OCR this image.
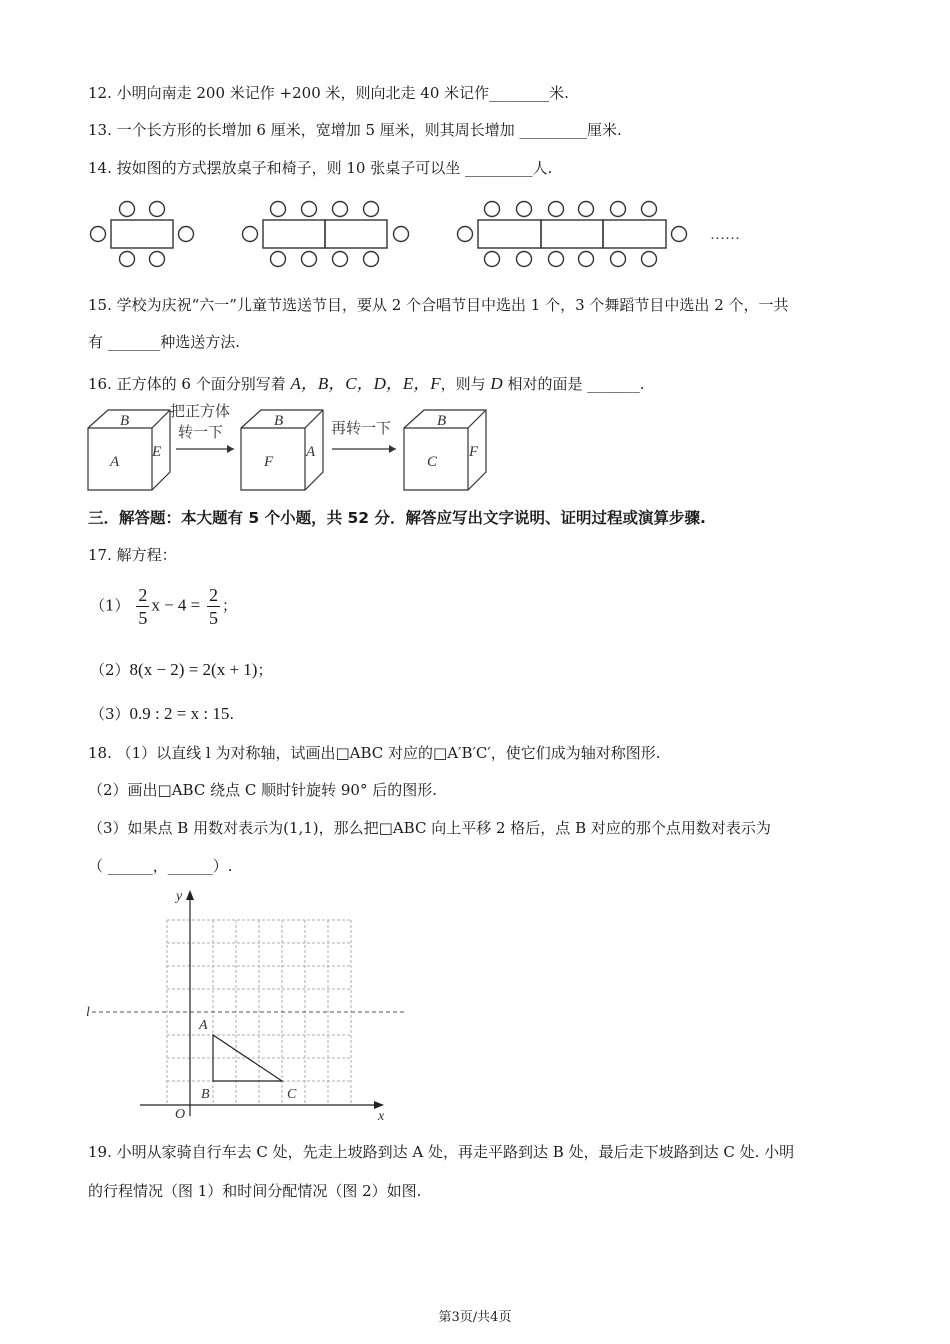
12. 小明向南走 200 米记作 +200 米，则向北走 40 米记作________米.
13. 一个长方形的长增加 6 厘米，宽增加 5 厘米，则其周长增加 _________厘米.
14. 按如图的方式摆放桌子和椅子，则 10 张桌子可以坐 _________人.
……
15. 学校为庆祝“六一”儿童节选送节目，要从 2 个合唱节目中选出 1 个，3 个舞蹈节目中选出 2 个，一共
有 _______种选送方法.
16. 正方体的 6 个面分别写着 A，B，C，D，E，F，则与 D 相对的面是 _______.
B
A
E
B
F
A
B
C
F
把正方体
转一下	再转一下
三．解答题：本大题有 5 个小题，共 52 分．解答应写出文字说明、证明过程或演算步骤.
17. 解方程：
$(1) \frac{2}{5}$ $x - 4 = \frac{2}{5}$ ；
（2）8(x − 2) = 2(x + 1)；
（3）0.9 : 2 = x : 15.
18. （1）以直线 l 为对称轴，试画出□ABC 对应的□A′B′C′，使它们成为轴对称图形.
（2）画出□ABC 绕点 C 顺时针旋转 90° 后的图形.
（3）如果点 B 用数对表示为(1,1)，那么把□ABC 向上平移 2 格后，点 B 对应的那个点用数对表示为
（ ______，______）.
y
x
O
l
A
B	C
19. 小明从家骑自行车去 C 处，先走上坡路到达 A 处，再走平路到达 B 处，最后走下坡路到达 C 处. 小明
的行程情况（图 1）和时间分配情况（图 2）如图.
第3页/共4页
